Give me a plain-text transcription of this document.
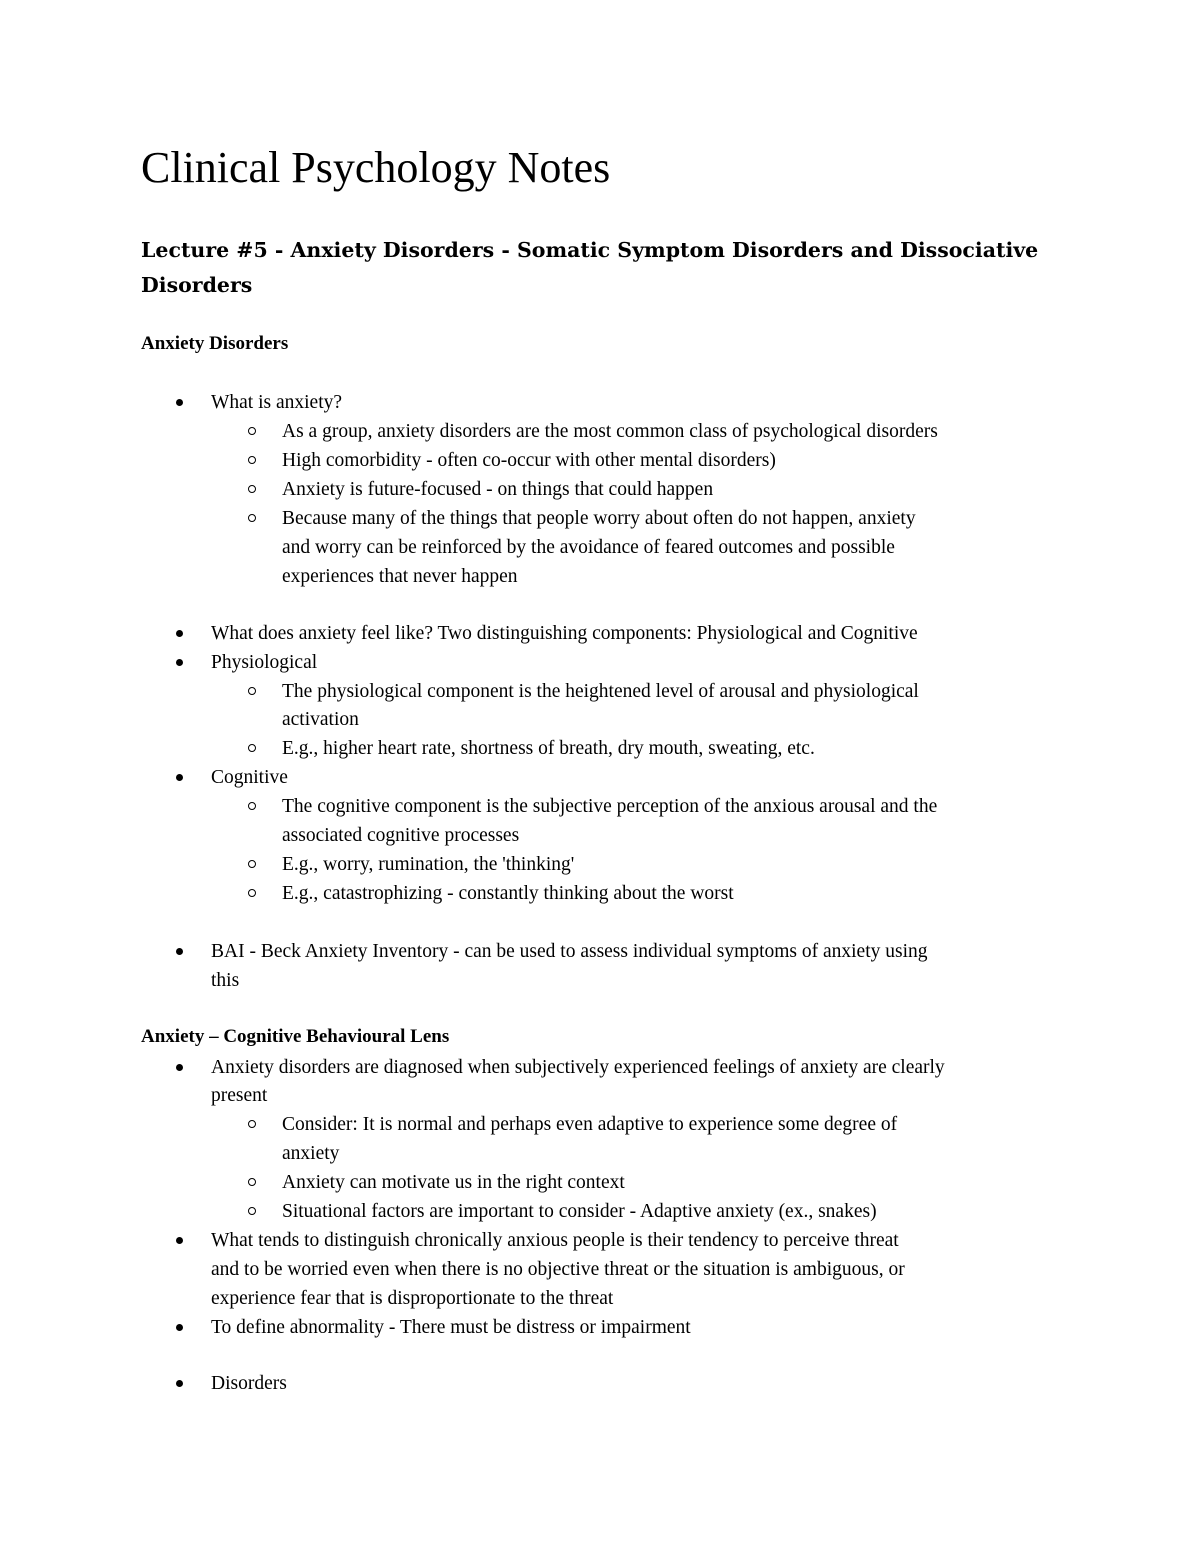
Clinical Psychology Notes
Lecture #5 - Anxiety Disorders - Somatic Symptom Disorders and Dissociative Disorders
Anxiety Disorders
What is anxiety?
As a group, anxiety disorders are the most common class of psychological disorders
High comorbidity - often co-occur with other mental disorders)
Anxiety is future-focused - on things that could happen
Because many of the things that people worry about often do not happen, anxiety
and worry can be reinforced by the avoidance of feared outcomes and possible
experiences that never happen
What does anxiety feel like? Two distinguishing components: Physiological and Cognitive
Physiological
The physiological component is the heightened level of arousal and physiological
activation
E.g., higher heart rate, shortness of breath, dry mouth, sweating, etc.
Cognitive
The cognitive component is the subjective perception of the anxious arousal and the
associated cognitive processes
E.g., worry, rumination, the 'thinking'
E.g., catastrophizing - constantly thinking about the worst
BAI - Beck Anxiety Inventory - can be used to assess individual symptoms of anxiety using
this
Anxiety – Cognitive Behavioural Lens
Anxiety disorders are diagnosed when subjectively experienced feelings of anxiety are clearly
present
Consider: It is normal and perhaps even adaptive to experience some degree of
anxiety
Anxiety can motivate us in the right context
Situational factors are important to consider - Adaptive anxiety (ex., snakes)
What tends to distinguish chronically anxious people is their tendency to perceive threat
and to be worried even when there is no objective threat or the situation is ambiguous, or
experience fear that is disproportionate to the threat
To define abnormality - There must be distress or impairment
Disorders
